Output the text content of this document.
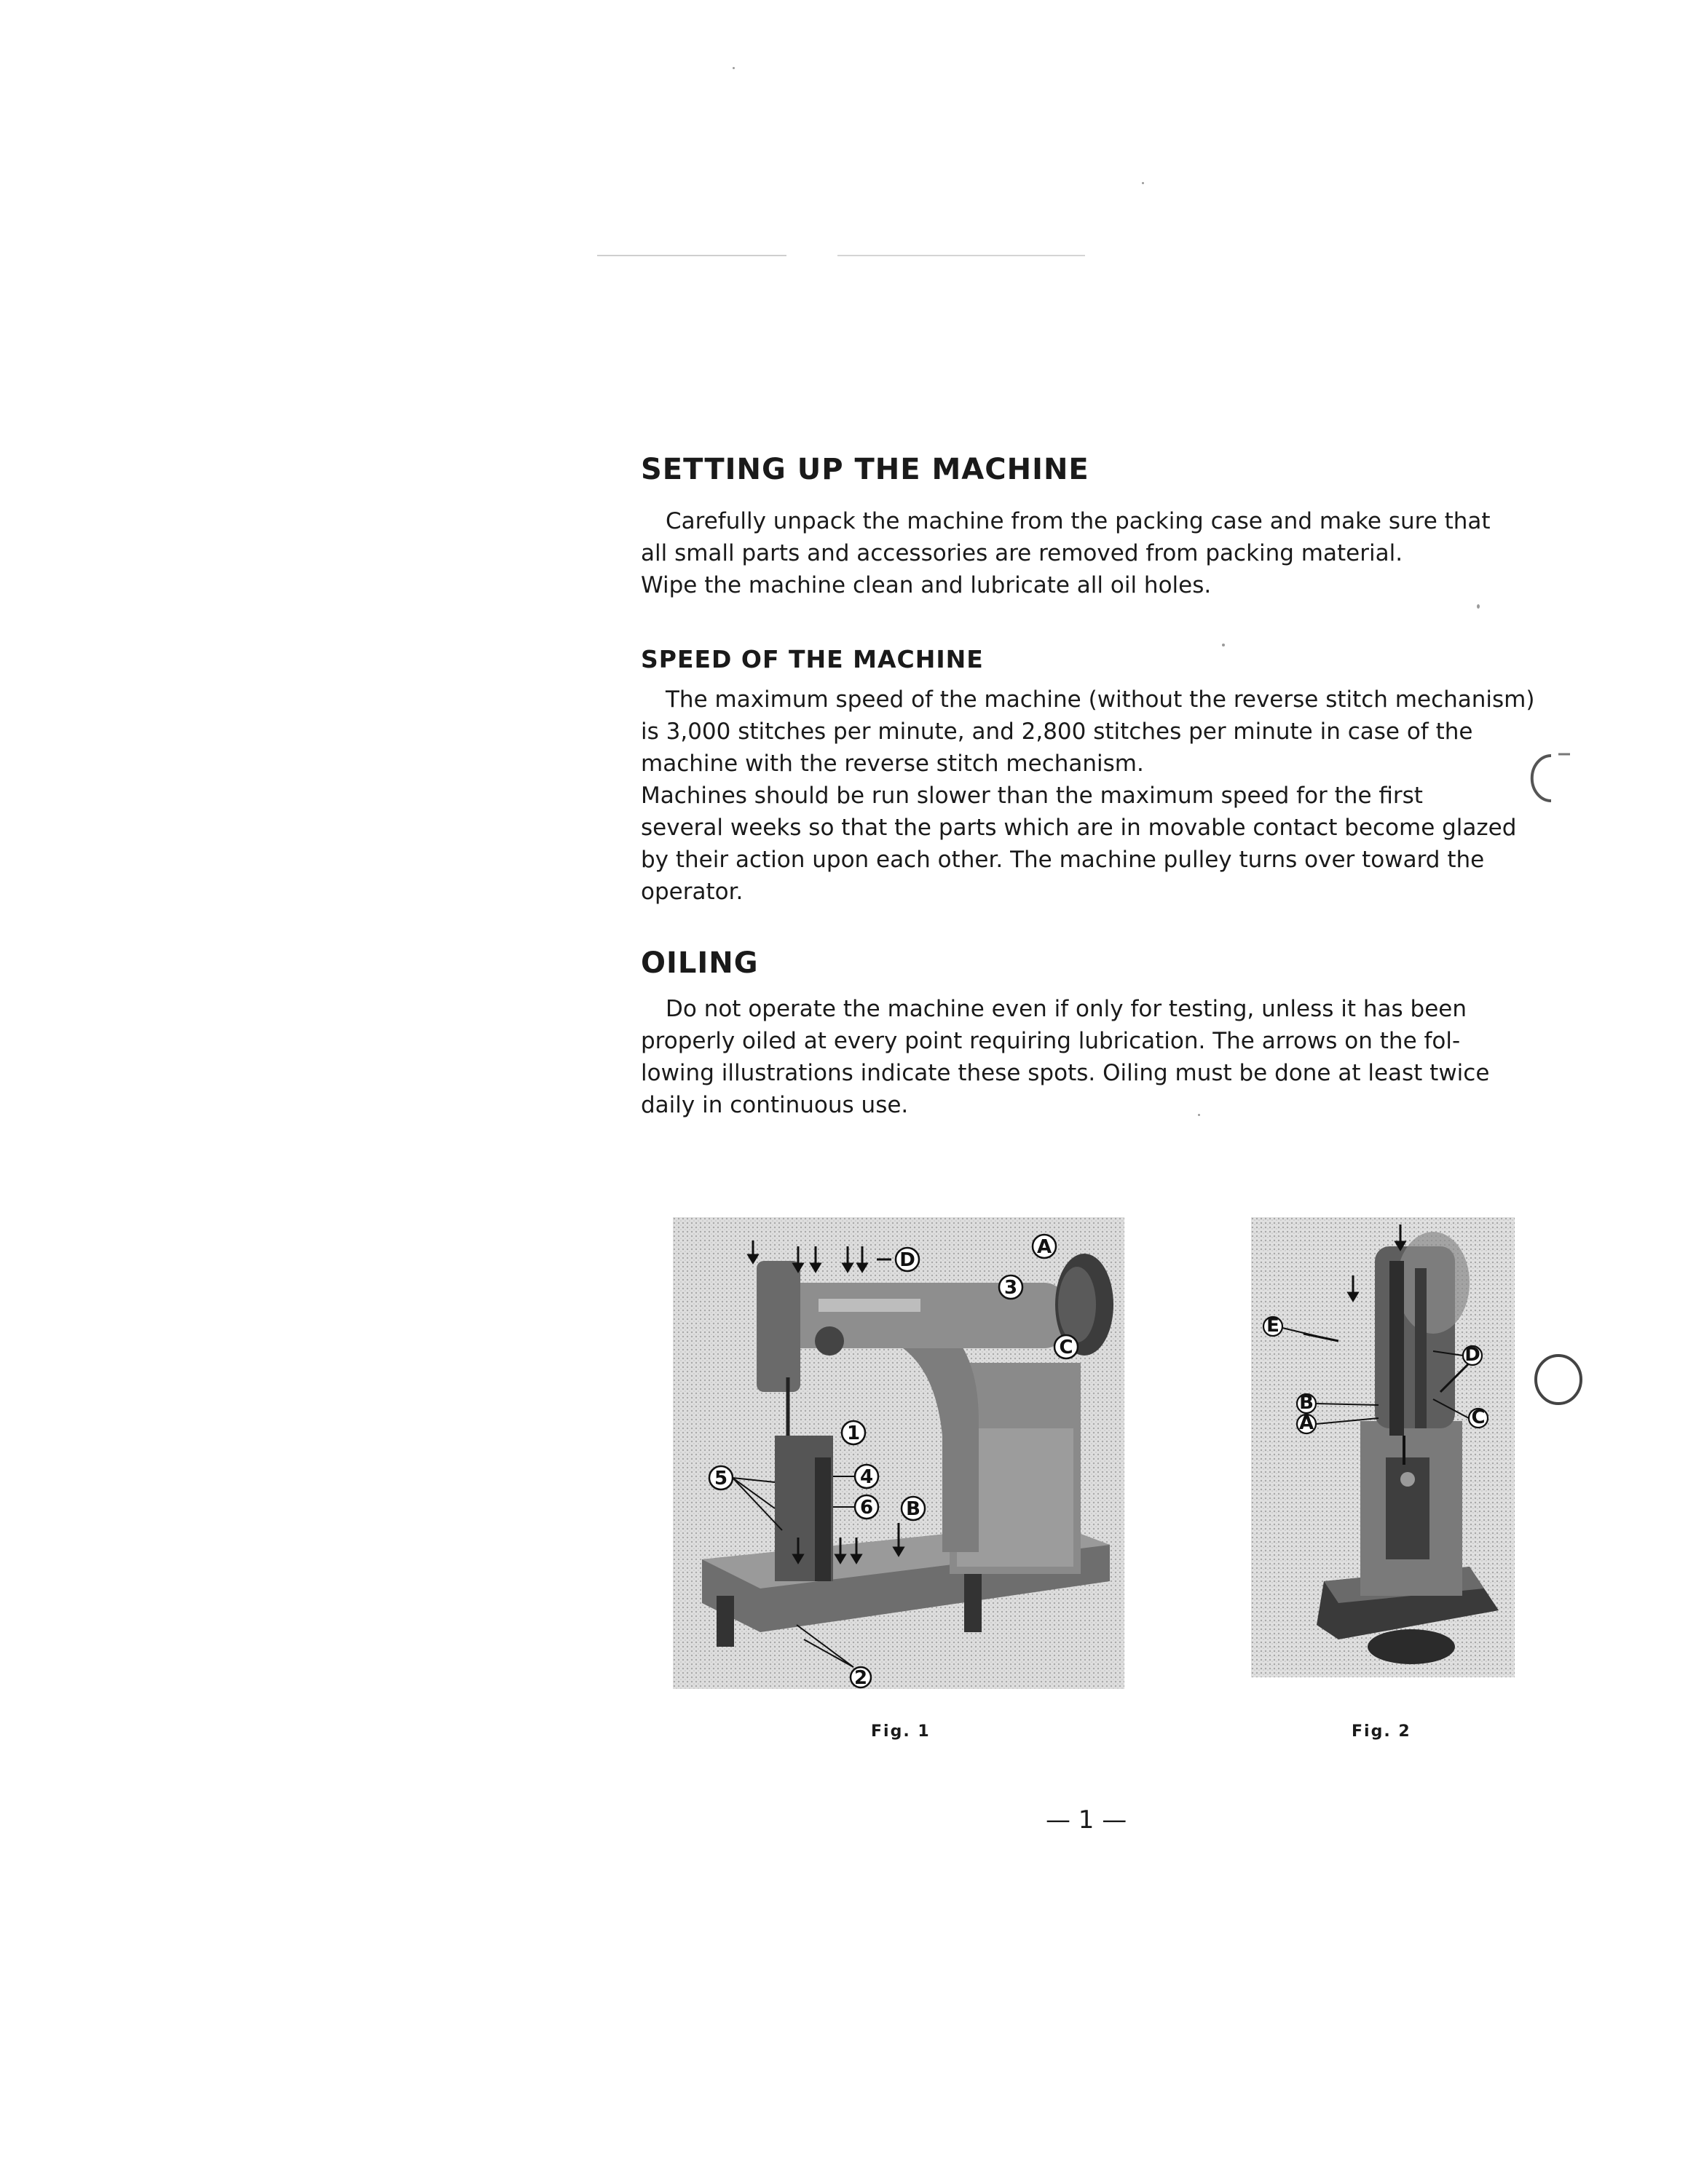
SETTING UP THE MACHINE

Carefully unpack the machine from the packing case and make sure that
all small parts and accessories are removed from packing material.
Wipe the machine clean and lubricate all oil holes.

SPEED OF THE MACHINE

The maximum speed of the machine (without the reverse stitch mechanism)
is 3,000 stitches per minute, and 2,800 stitches per minute in case of the
machine with the reverse stitch mechanism.
Machines should be run slower than the maximum speed for the first
several weeks so that the parts which are in movable contact become glazed
by their action upon each other. The machine pulley turns over toward the
operator.

OILING

Do not operate the machine even if only for testing, unless it has been
properly oiled at every point requiring lubrication. The arrows on the fol-
lowing illustrations indicate these spots. Oiling must be done at least twice
daily in continuous use.

A
D
3
C
1
5	4
6 B
2
Fig. 1
E
D
B
A	C
Fig. 2
— 1 —
